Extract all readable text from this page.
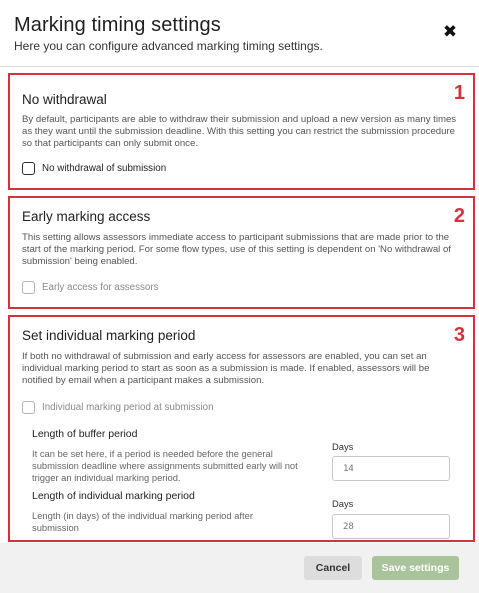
Marking timing settings
Here you can configure advanced marking timing settings.
✖
1
No withdrawal
By default, participants are able to withdraw their submission and upload a new version as many times as they want until the submission deadline. With this setting you can restrict the submission procedure so that participants can only submit once.
No withdrawal of submission
2
Early marking access
This setting allows assessors immediate access to participant submissions that are made prior to the start of the marking period. For some flow types, use of this setting is dependent on 'No withdrawal of submission' being enabled.
Early access for assessors
3
Set individual marking period
If both no withdrawal of submission and early access for assessors are enabled, you can set an individual marking period to start as soon as a submission is made. If enabled, assessors will be notified by email when a participant makes a submission.
Individual marking period at submission
Length of buffer period
It can be set here, if a period is needed before the general submission deadline where assignments submitted early will not trigger an individual marking period.
Days
14
Length of individual marking period
Length (in days) of the individual marking period after submission
Days
28
Cancel	Save settings
